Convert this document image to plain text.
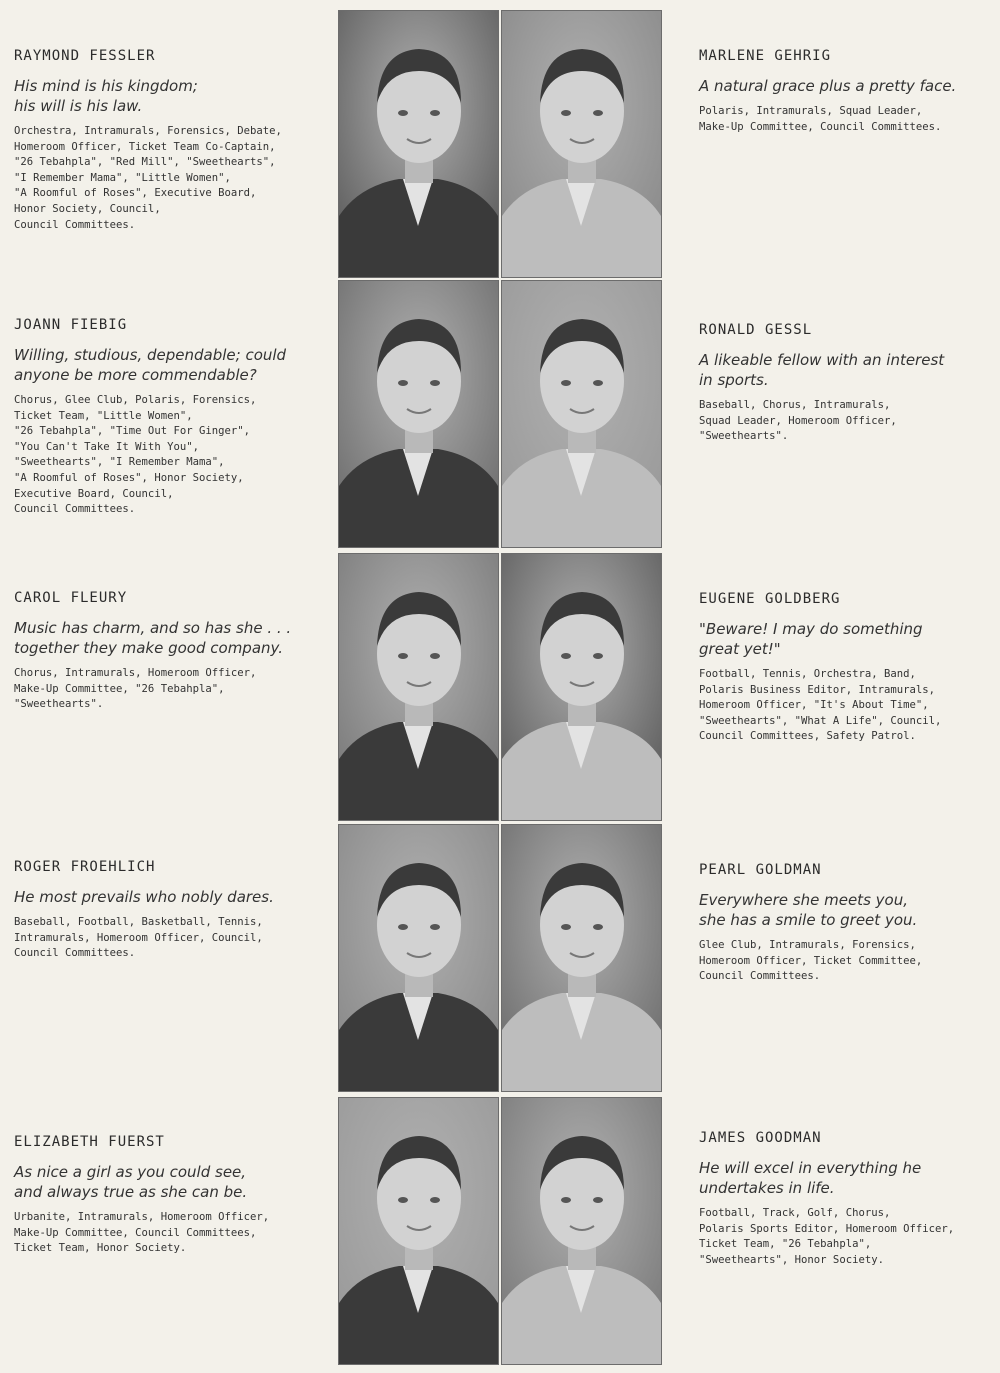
RAYMOND FESSLER
His mind is his kingdom;
his will is his law.
Orchestra, Intramurals, Forensics, Debate,
Homeroom Officer, Ticket Team Co-Captain,
"26 Tebahpla", "Red Mill", "Sweethearts",
"I Remember Mama", "Little Women",
"A Roomful of Roses", Executive Board,
Honor Society, Council,
Council Committees.
JOANN FIEBIG
Willing, studious, dependable; could
anyone be more commendable?
Chorus, Glee Club, Polaris, Forensics,
Ticket Team, "Little Women",
"26 Tebahpla", "Time Out For Ginger",
"You Can't Take It With You",
"Sweethearts", "I Remember Mama",
"A Roomful of Roses", Honor Society,
Executive Board, Council,
Council Committees.
CAROL FLEURY
Music has charm, and so has she . . .
together they make good company.
Chorus, Intramurals, Homeroom Officer,
Make-Up Committee, "26 Tebahpla",
"Sweethearts".
ROGER FROEHLICH
He most prevails who nobly dares.
Baseball, Football, Basketball, Tennis,
Intramurals, Homeroom Officer, Council,
Council Committees.
ELIZABETH FUERST
As nice a girl as you could see,
and always true as she can be.
Urbanite, Intramurals, Homeroom Officer,
Make-Up Committee, Council Committees,
Ticket Team, Honor Society.
MARLENE GEHRIG
A natural grace plus a pretty face.
Polaris, Intramurals, Squad Leader,
Make-Up Committee, Council Committees.
RONALD GESSL
A likeable fellow with an interest
in sports.
Baseball, Chorus, Intramurals,
Squad Leader, Homeroom Officer,
"Sweethearts".
EUGENE GOLDBERG
"Beware! I may do something
great yet!"
Football, Tennis, Orchestra, Band,
Polaris Business Editor, Intramurals,
Homeroom Officer, "It's About Time",
"Sweethearts", "What A Life", Council,
Council Committees, Safety Patrol.
PEARL GOLDMAN
Everywhere she meets you,
she has a smile to greet you.
Glee Club, Intramurals, Forensics,
Homeroom Officer, Ticket Committee,
Council Committees.
JAMES GOODMAN
He will excel in everything he
undertakes in life.
Football, Track, Golf, Chorus,
Polaris Sports Editor, Homeroom Officer,
Ticket Team, "26 Tebahpla",
"Sweethearts", Honor Society.
